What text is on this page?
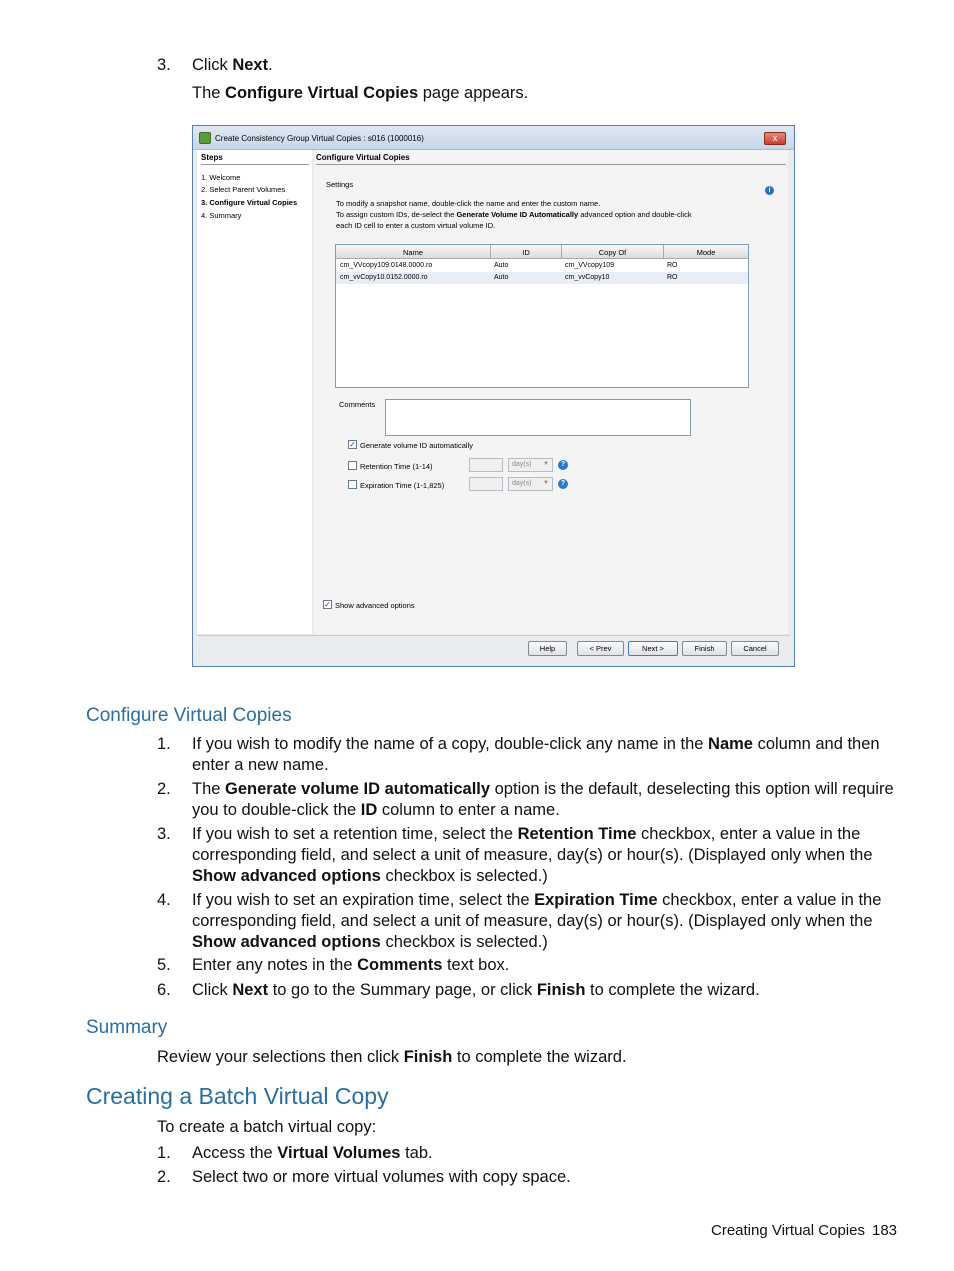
3. Click Next.
The Configure Virtual Copies page appears.
Create Consistency Group Virtual Copies : s016 (1000016)	x
Steps
1. Welcome
2. Select Parent Volumes
3. Configure Virtual Copies
4. Summary
Configure Virtual Copies
Settings
i
To modify a snapshot name, double-click the name and enter the custom name.
To assign custom IDs, de-select the Generate Volume ID Automatically advanced option and double-click
each ID cell to enter a custom virtual volume ID.
Name	ID	Copy Of	Mode
cm_VVcopy109.0148.0000.ro	Auto	cm_VVcopy109	RO
cm_vvCopy10.0152.0000.ro	Auto	cm_vvCopy10	RO
Comments
✓ Generate volume ID automatically
Retention Time (1-14)	day(s) ▼	?
Expiration Time (1-1,825)	day(s) ▼	?
✓ Show advanced options
Help	< Prev	Next >	Finish	Cancel
Configure Virtual Copies
1. If you wish to modify the name of a copy, double-click any name in the Name column and then enter a new name.
2. The Generate volume ID automatically option is the default, deselecting this option will require you to double-click the ID column to enter a name.
3. If you wish to set a retention time, select the Retention Time checkbox, enter a value in the corresponding field, and select a unit of measure, day(s) or hour(s). (Displayed only when the Show advanced options checkbox is selected.)
4. If you wish to set an expiration time, select the Expiration Time checkbox, enter a value in the corresponding field, and select a unit of measure, day(s) or hour(s). (Displayed only when the Show advanced options checkbox is selected.)
5. Enter any notes in the Comments text box.
6. Click Next to go to the Summary page, or click Finish to complete the wizard.
Summary
Review your selections then click Finish to complete the wizard.
Creating a Batch Virtual Copy
To create a batch virtual copy:
1. Access the Virtual Volumes tab.
2. Select two or more virtual volumes with copy space.
Creating Virtual Copies 183
